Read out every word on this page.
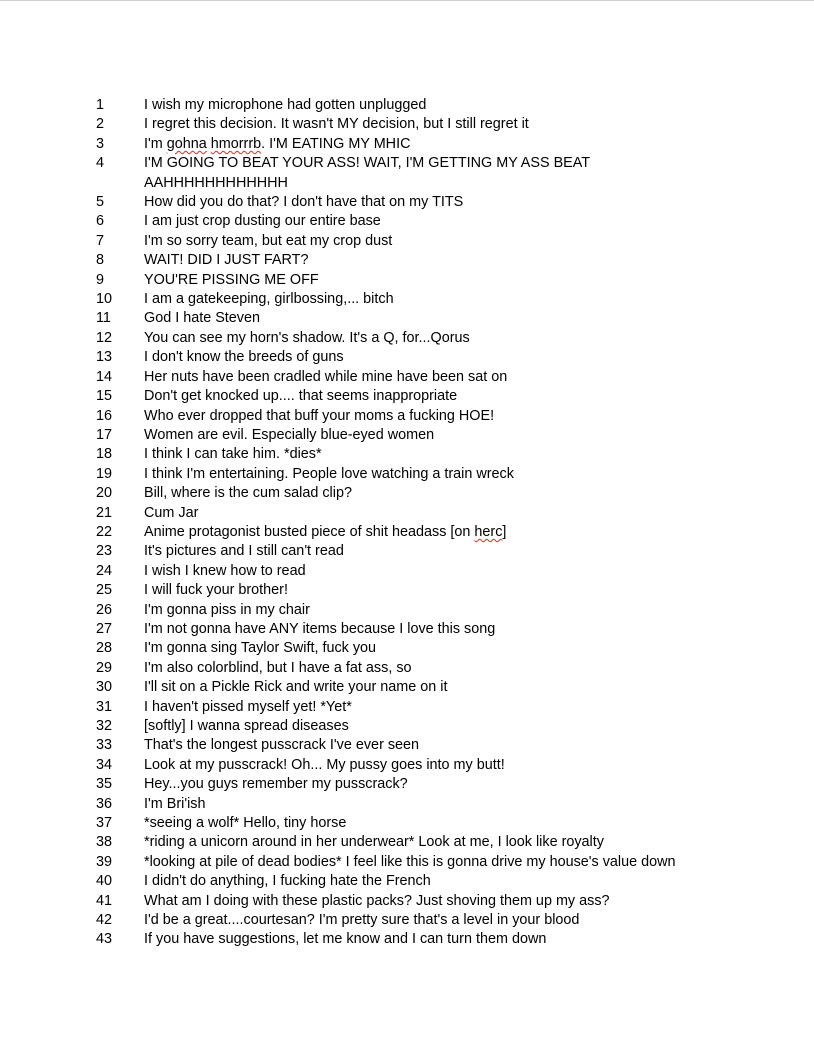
1	I wish my microphone had gotten unplugged
2	I regret this decision. It wasn't MY decision, but I still regret it
3	I'm gohna hmorrrb. I'M EATING MY MHIC
4	I'M GOING TO BEAT YOUR ASS! WAIT, I'M GETTING MY ASS BEAT
AAHHHHHHHHHHHH
5	How did you do that? I don't have that on my TITS
6	I am just crop dusting our entire base
7	I'm so sorry team, but eat my crop dust
8	WAIT! DID I JUST FART?
9	YOU'RE PISSING ME OFF
10	I am a gatekeeping, girlbossing,... bitch
11	God I hate Steven
12	You can see my horn's shadow. It's a Q, for...Qorus
13	I don't know the breeds of guns
14	Her nuts have been cradled while mine have been sat on
15	Don't get knocked up.... that seems inappropriate
16	Who ever dropped that buff your moms a fucking HOE!
17	Women are evil. Especially blue-eyed women
18	I think I can take him. *dies*
19	I think I'm entertaining. People love watching a train wreck
20	Bill, where is the cum salad clip?
21	Cum Jar
22	Anime protagonist busted piece of shit headass [on herc]
23	It's pictures and I still can't read
24	I wish I knew how to read
25	I will fuck your brother!
26	I'm gonna piss in my chair
27	I'm not gonna have ANY items because I love this song
28	I'm gonna sing Taylor Swift, fuck you
29	I'm also colorblind, but I have a fat ass, so
30	I'll sit on a Pickle Rick and write your name on it
31	I haven't pissed myself yet! *Yet*
32	[softly] I wanna spread diseases
33	That's the longest pusscrack I've ever seen
34	Look at my pusscrack! Oh... My pussy goes into my butt!
35	Hey...you guys remember my pusscrack?
36	I'm Bri'ish
37	*seeing a wolf* Hello, tiny horse
38	*riding a unicorn around in her underwear* Look at me, I look like royalty
39	*looking at pile of dead bodies* I feel like this is gonna drive my house's value down
40	I didn't do anything, I fucking hate the French
41	What am I doing with these plastic packs? Just shoving them up my ass?
42	I'd be a great....courtesan? I'm pretty sure that's a level in your blood
43	If you have suggestions, let me know and I can turn them down
